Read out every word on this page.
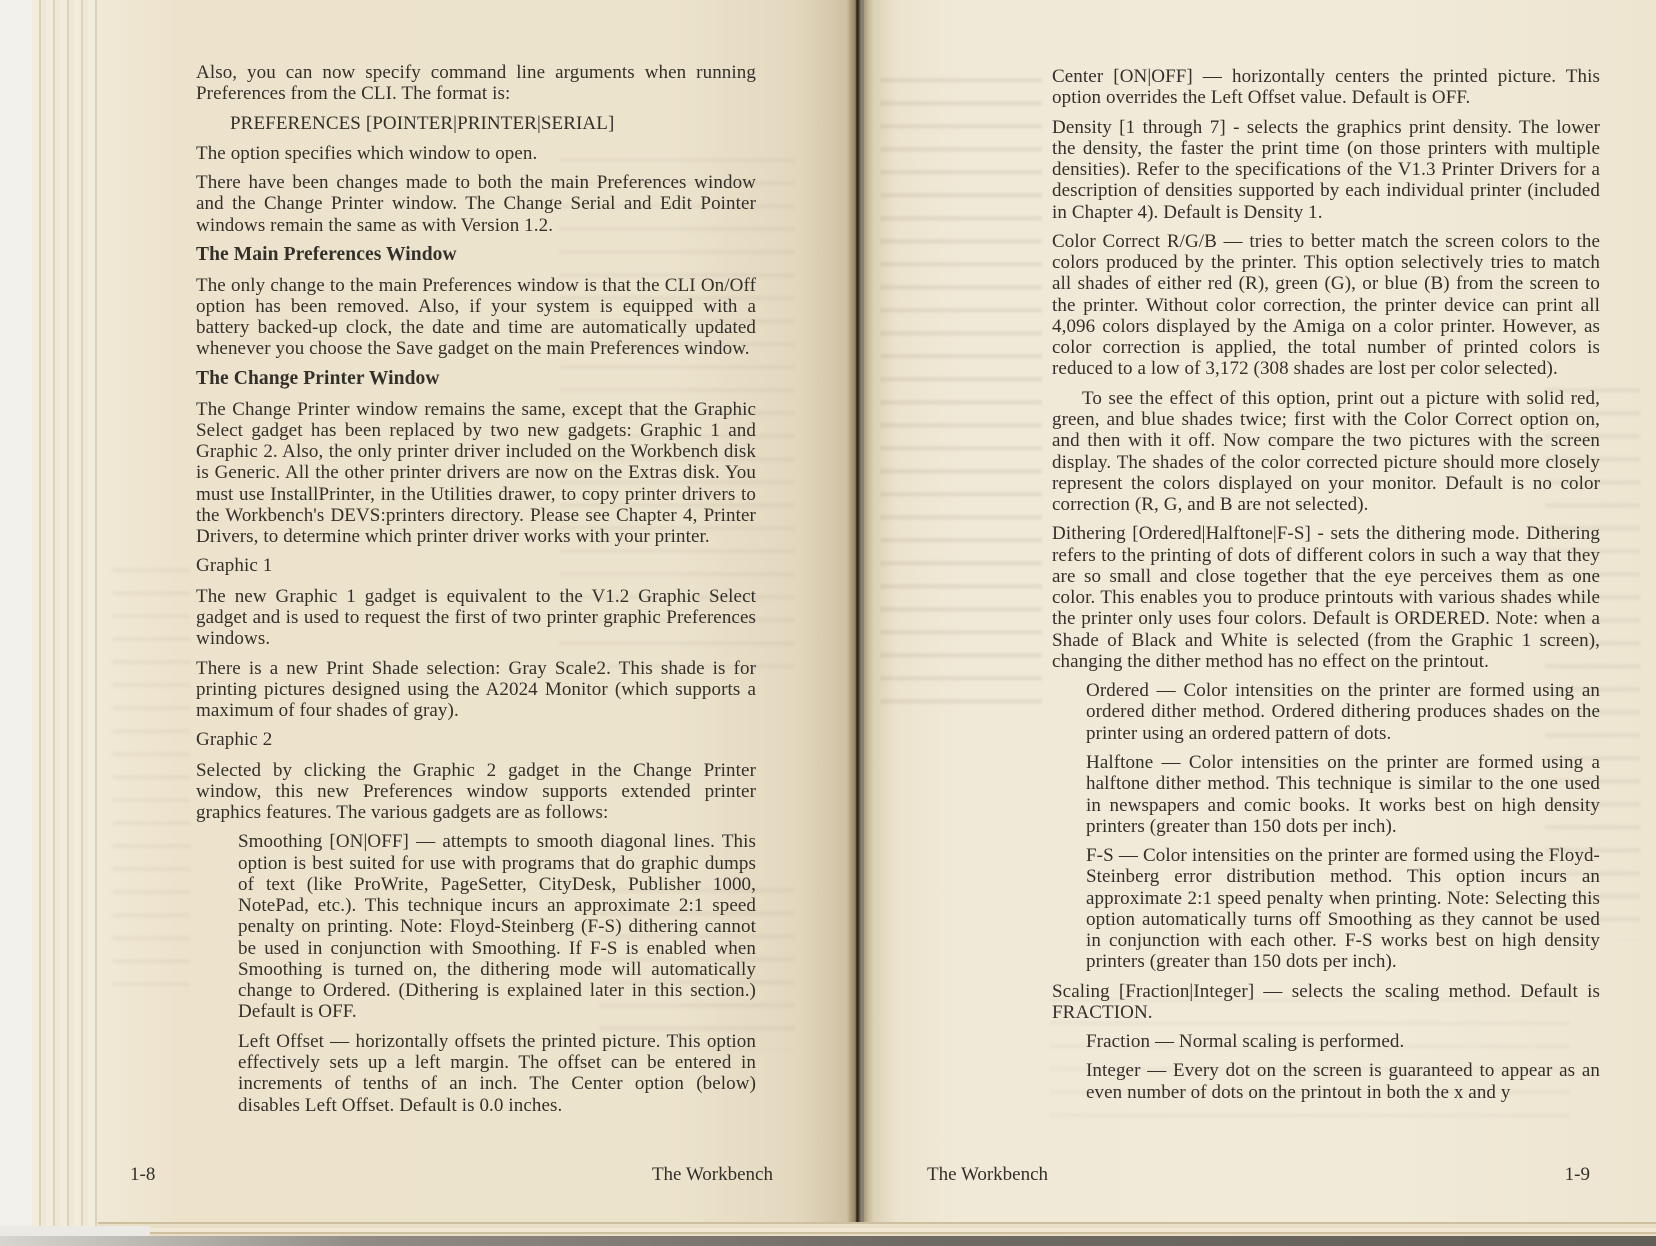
Also, you can now specify command line arguments when running Preferences from the CLI. The format is:

PREFERENCES [POINTER|PRINTER|SERIAL]

The option specifies which window to open.

There have been changes made to both the main Preferences window and the Change Printer window. The Change Serial and Edit Pointer windows remain the same as with Version 1.2.

The Main Preferences Window

The only change to the main Preferences window is that the CLI On/Off option has been removed. Also, if your system is equipped with a battery backed-up clock, the date and time are automatically updated whenever you choose the Save gadget on the main Preferences window.

The Change Printer Window

The Change Printer window remains the same, except that the Graphic Select gadget has been replaced by two new gadgets: Graphic 1 and Graphic 2. Also, the only printer driver included on the Workbench disk is Generic. All the other printer drivers are now on the Extras disk. You must use InstallPrinter, in the Utilities drawer, to copy printer drivers to the Workbench's DEVS:printers directory. Please see Chapter 4, Printer Drivers, to determine which printer driver works with your printer.

Graphic 1

The new Graphic 1 gadget is equivalent to the V1.2 Graphic Select gadget and is used to request the first of two printer graphic Preferences windows.

There is a new Print Shade selection: Gray Scale2. This shade is for printing pictures designed using the A2024 Monitor (which supports a maximum of four shades of gray).

Graphic 2

Selected by clicking the Graphic 2 gadget in the Change Printer window, this new Preferences window supports extended printer graphics features. The various gadgets are as follows:

Smoothing [ON|OFF] — attempts to smooth diagonal lines. This option is best suited for use with programs that do graphic dumps of text (like ProWrite, PageSetter, CityDesk, Publisher 1000, NotePad, etc.). This technique incurs an approximate 2:1 speed penalty on printing. Note: Floyd-Steinberg (F-S) dithering cannot be used in conjunction with Smoothing. If F-S is enabled when Smoothing is turned on, the dithering mode will automatically change to Ordered. (Dithering is explained later in this section.) Default is OFF.

Left Offset — horizontally offsets the printed picture. This option effectively sets up a left margin. The offset can be entered in increments of tenths of an inch. The Center option (below) disables Left Offset. Default is 0.0 inches.

Center [ON|OFF] — horizontally centers the printed picture. This option overrides the Left Offset value. Default is OFF.

Density [1 through 7] - selects the graphics print density. The lower the density, the faster the print time (on those printers with multiple densities). Refer to the specifications of the V1.3 Printer Drivers for a description of densities supported by each individual printer (included in Chapter 4). Default is Density 1.

Color Correct R/G/B — tries to better match the screen colors to the colors produced by the printer. This option selectively tries to match all shades of either red (R), green (G), or blue (B) from the screen to the printer. Without color correction, the printer device can print all 4,096 colors displayed by the Amiga on a color printer. However, as color correction is applied, the total number of printed colors is reduced to a low of 3,172 (308 shades are lost per color selected).

To see the effect of this option, print out a picture with solid red, green, and blue shades twice; first with the Color Correct option on, and then with it off. Now compare the two pictures with the screen display. The shades of the color corrected picture should more closely represent the colors displayed on your monitor. Default is no color correction (R, G, and B are not selected).

Dithering [Ordered|Halftone|F-S] - sets the dithering mode. Dithering refers to the printing of dots of different colors in such a way that they are so small and close together that the eye perceives them as one color. This enables you to produce printouts with various shades while the printer only uses four colors. Default is ORDERED. Note: when a Shade of Black and White is selected (from the Graphic 1 screen), changing the dither method has no effect on the printout.

Ordered — Color intensities on the printer are formed using an ordered dither method. Ordered dithering produces shades on the printer using an ordered pattern of dots.

Halftone — Color intensities on the printer are formed using a halftone dither method. This technique is similar to the one used in newspapers and comic books. It works best on high density printers (greater than 150 dots per inch).

F-S — Color intensities on the printer are formed using the Floyd-Steinberg error distribution method. This option incurs an approximate 2:1 speed penalty when printing. Note: Selecting this option automatically turns off Smoothing as they cannot be used in conjunction with each other. F-S works best on high density printers (greater than 150 dots per inch).

Scaling [Fraction|Integer] — selects the scaling method. Default is FRACTION.

Fraction — Normal scaling is performed.

Integer — Every dot on the screen is guaranteed to appear as an even number of dots on the printout in both the x and y

1-8	The Workbench	The Workbench	1-9
